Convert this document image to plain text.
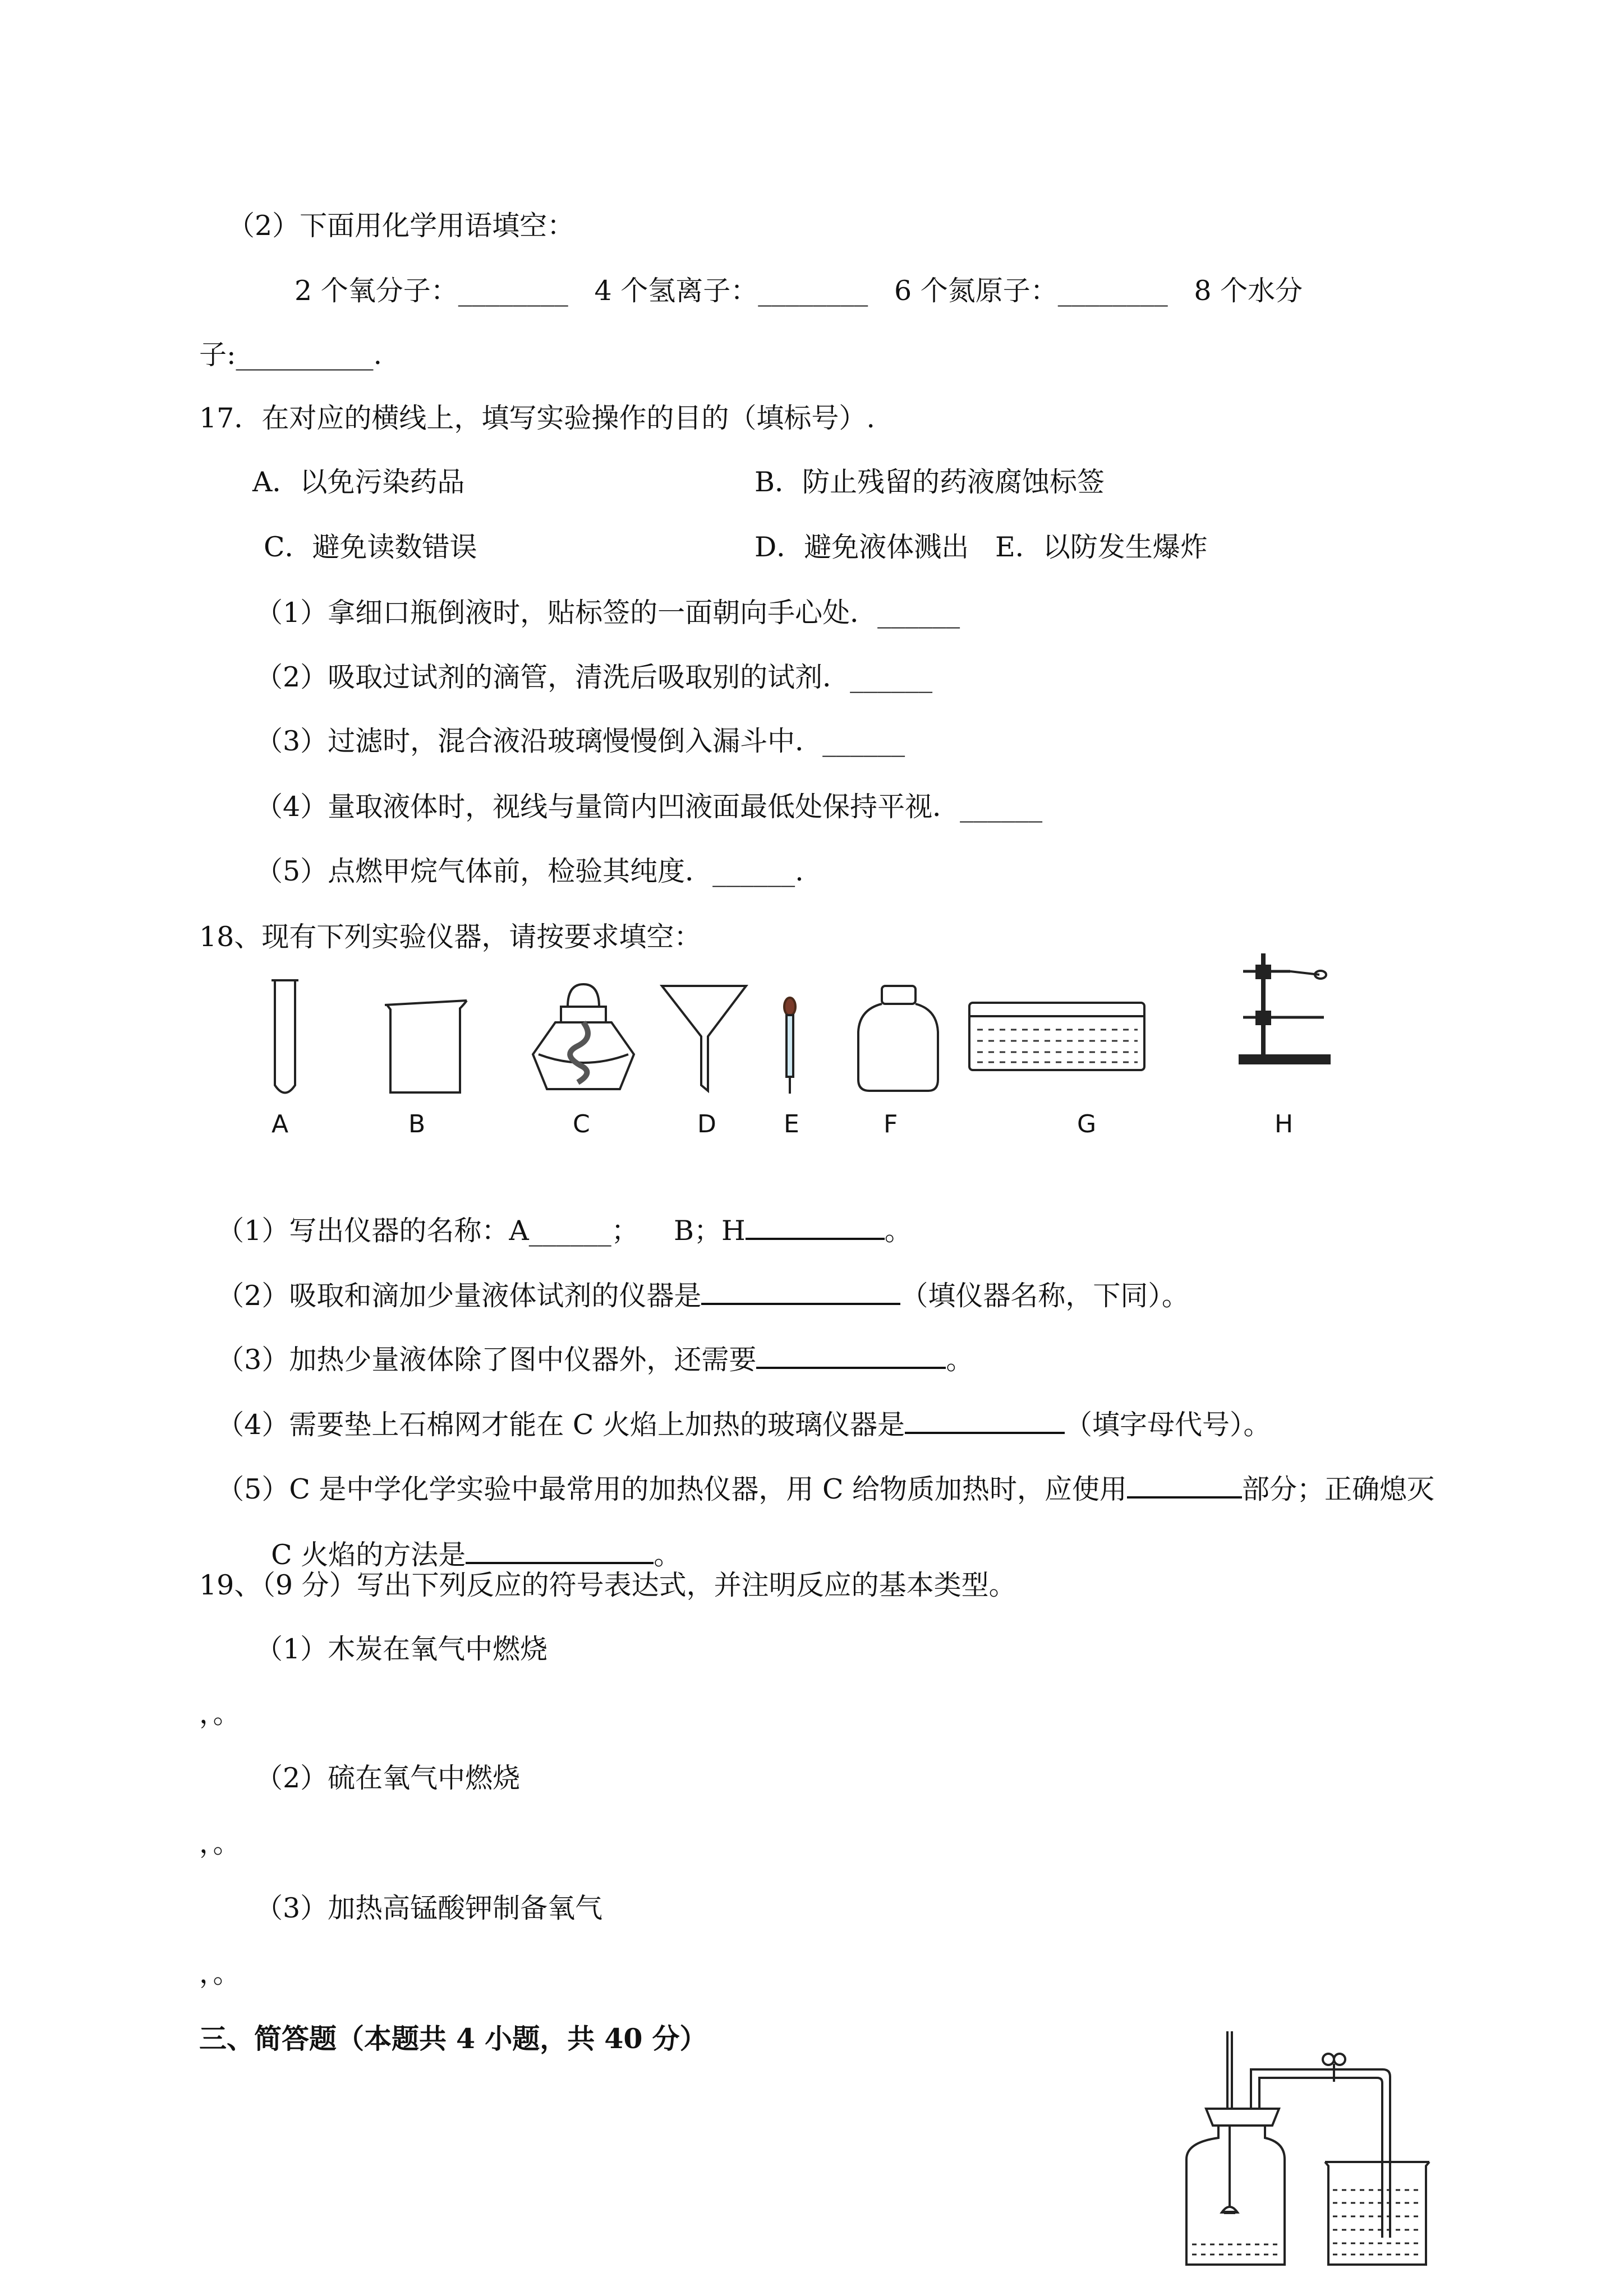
（2）下面用化学用语填空：
2 个氧分子：________   4 个氢离子：________   6 个氮原子：________   8 个水分
子:__________.
17．在对应的横线上，填写实验操作的目的（填标号）.
A．以免污染药品	B．防止残留的药液腐蚀标签
C．避免读数错误	D．避免液体溅出   E．以防发生爆炸
（1）拿细口瓶倒液时，贴标签的一面朝向手心处．______
（2）吸取过试剂的滴管，清洗后吸取别的试剂．______
（3）过滤时，混合液沿玻璃慢慢倒入漏斗中．______
（4）量取液体时，视线与量筒内凹液面最低处保持平视．______
（5）点燃甲烷气体前，检验其纯度．______.
18、现有下列实验仪器，请按要求填空：
A	B	C	D	E	F	G	H

（1）写出仪器的名称：A______；    B；H	。

（2）吸取和滴加少量液体试剂的仪器是	（填仪器名称，下同）。

（3）加热少量液体除了图中仪器外，还需要	。

（4）需要垫上石棉网才能在 C 火焰上加热的玻璃仪器是	（填字母代号）。

（5）C 是中学化学实验中最常用的加热仪器，用 C 给物质加热时，应使用	部分；正确熄灭

C 火焰的方法是	。

19、（9 分）写出下列反应的符号表达式，并注明反应的基本类型。
（1）木炭在氧气中燃烧
，。
（2）硫在氧气中燃烧
，。
（3）加热高锰酸钾制备氧气
，。
三、简答题（本题共 4 小题，共 40 分）
